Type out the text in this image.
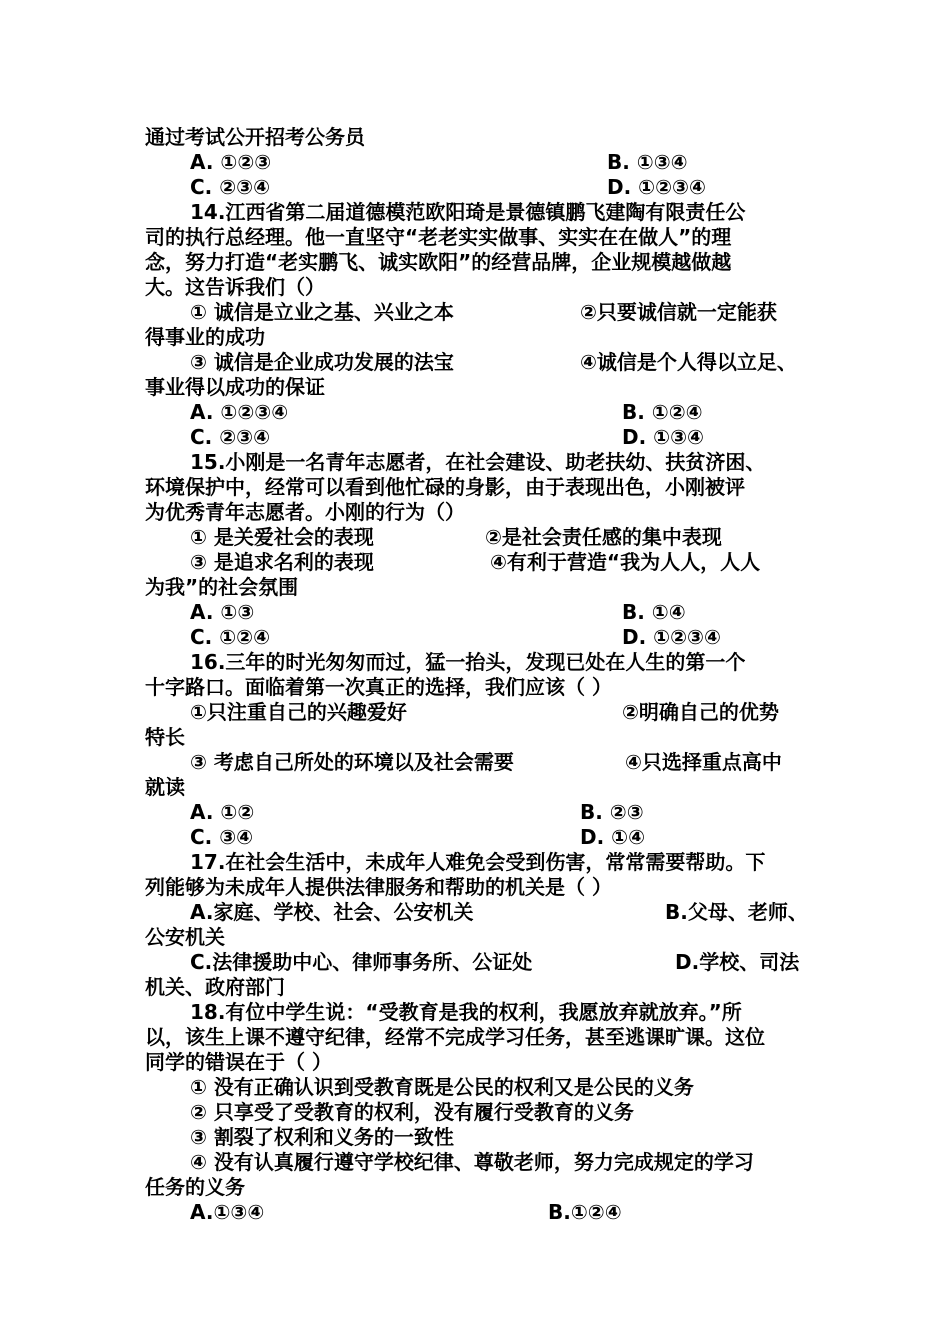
通过考试公开招考公务员
A. ①②③	B. ①③④
C. ②③④	D. ①②③④
14.江西省第二届道德模范欧阳琦是景德镇鹏飞建陶有限责任公
司的执行总经理。他一直坚守“老老实实做事、实实在在做人”的理
念，努力打造“老实鹏飞、诚实欧阳”的经营品牌，企业规模越做越
大。这告诉我们（）
① 诚信是立业之基、兴业之本	②只要诚信就一定能获
得事业的成功
③ 诚信是企业成功发展的法宝	④诚信是个人得以立足、
事业得以成功的保证
A. ①②③④	B. ①②④
C. ②③④	D. ①③④
15.小刚是一名青年志愿者，在社会建设、助老扶幼、扶贫济困、
环境保护中，经常可以看到他忙碌的身影，由于表现出色，小刚被评
为优秀青年志愿者。小刚的行为（）
① 是关爱社会的表现	②是社会责任感的集中表现
③ 是追求名利的表现	④有利于营造“我为人人，人人
为我”的社会氛围
A. ①③	B. ①④
C. ①②④	D. ①②③④
16.三年的时光匆匆而过，猛一抬头，发现已处在人生的第一个
十字路口。面临着第一次真正的选择，我们应该（ ）
①只注重自己的兴趣爱好	②明确自己的优势
特长
③ 考虑自己所处的环境以及社会需要	④只选择重点高中
就读
A. ①②	B. ②③
C. ③④	D. ①④
17.在社会生活中，未成年人难免会受到伤害，常常需要帮助。下
列能够为未成年人提供法律服务和帮助的机关是（ ）
A.家庭、学校、社会、公安机关	B.父母、老师、
公安机关
C.法律援助中心、律师事务所、公证处	D.学校、司法
机关、政府部门
18.有位中学生说：“受教育是我的权利，我愿放弃就放弃。”所
以，该生上课不遵守纪律，经常不完成学习任务，甚至逃课旷课。这位
同学的错误在于（ ）
① 没有正确认识到受教育既是公民的权利又是公民的义务
② 只享受了受教育的权利，没有履行受教育的义务
③ 割裂了权利和义务的一致性
④ 没有认真履行遵守学校纪律、尊敬老师，努力完成规定的学习
任务的义务
A.①③④	B.①②④
